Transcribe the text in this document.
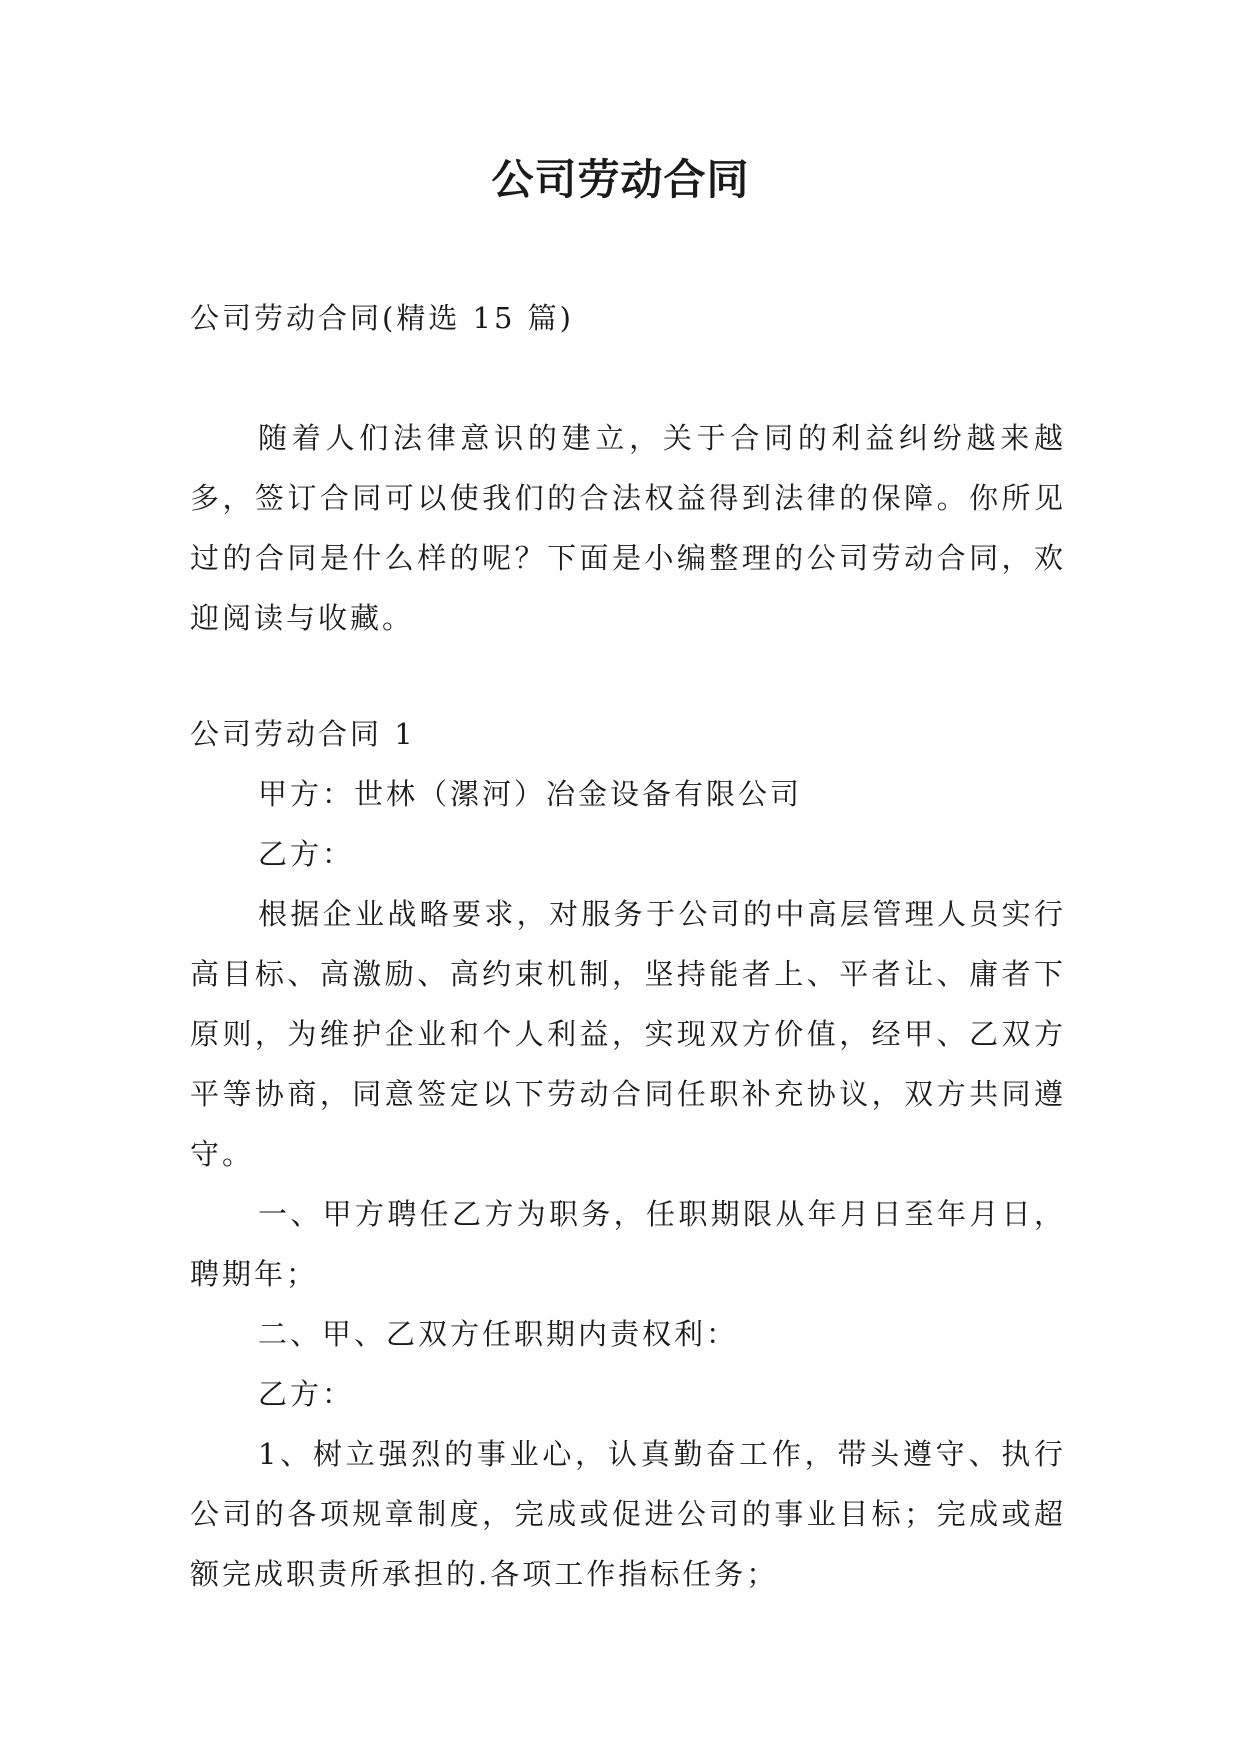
公司劳动合同
公司劳动合同(精选 15 篇)

随着人们法律意识的建立，关于合同的利益纠纷越来越多，签订合同可以使我们的合法权益得到法律的保障。你所见过的合同是什么样的呢？下面是小编整理的公司劳动合同，欢迎阅读与收藏。

公司劳动合同 1

甲方：世林（漯河）冶金设备有限公司

乙方：

根据企业战略要求，对服务于公司的中高层管理人员实行高目标、高激励、高约束机制，坚持能者上、平者让、庸者下原则，为维护企业和个人利益，实现双方价值，经甲、乙双方平等协商，同意签定以下劳动合同任职补充协议，双方共同遵守。

一、甲方聘任乙方为职务，任职期限从年月日至年月日，聘期年；

二、甲、乙双方任职期内责权利：

乙方：

1、树立强烈的事业心，认真勤奋工作，带头遵守、执行公司的各项规章制度，完成或促进公司的事业目标；完成或超额完成职责所承担的.各项工作指标任务；
